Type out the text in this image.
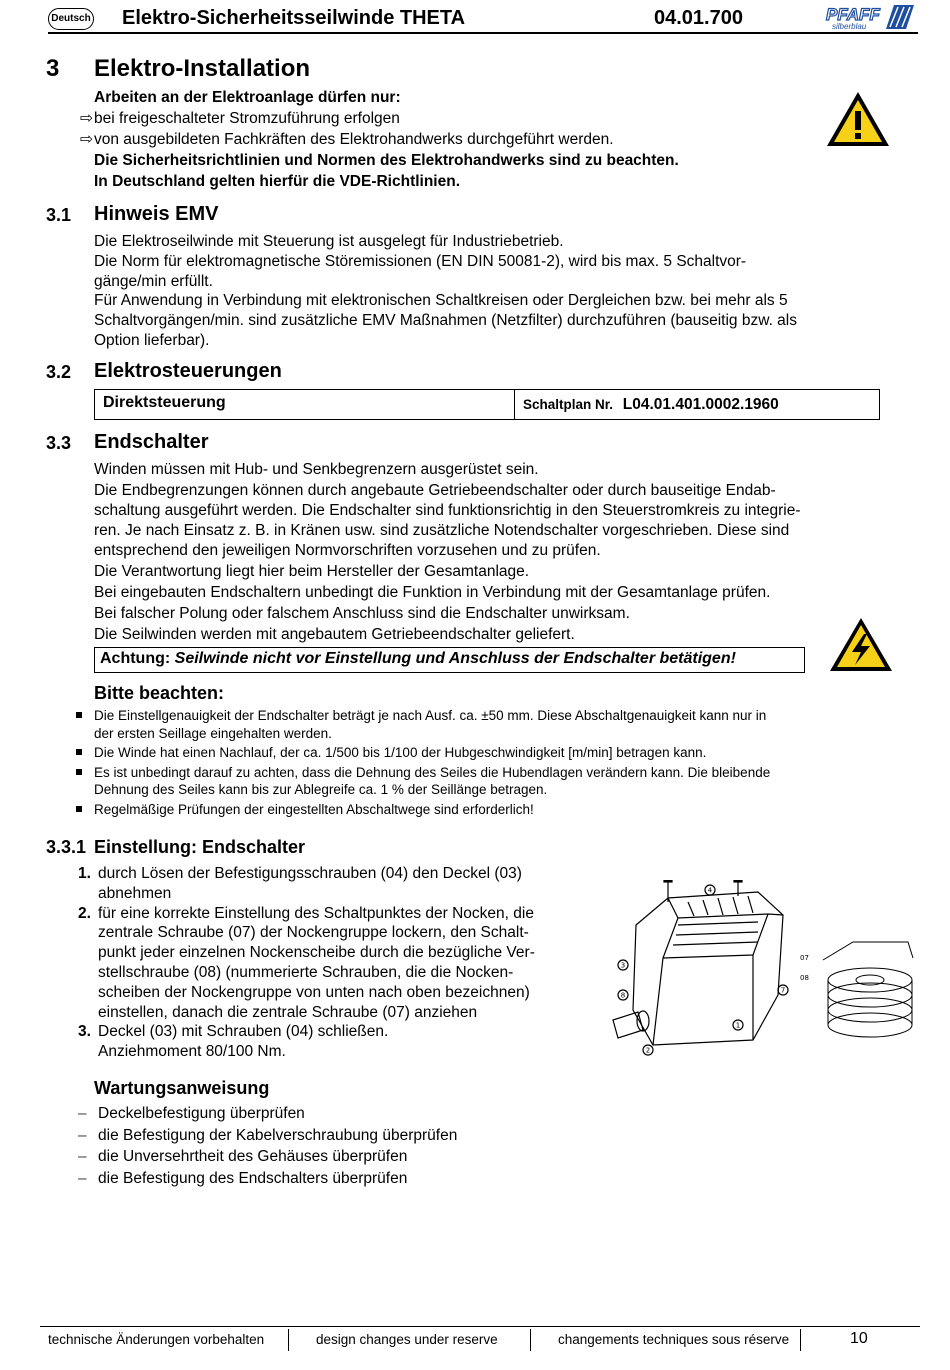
Deutsch Elektro-Sicherheitsseilwinde THETA	04.01.700	PFAFF
silberblau
3 Elektro-Installation
Arbeiten an der Elektroanlage dürfen nur:
⇨bei freigeschalteter Stromzuführung erfolgen
⇨von ausgebildeten Fachkräften des Elektrohandwerks durchgeführt werden.
Die Sicherheitsrichtlinien und Normen des Elektrohandwerks sind zu beachten.
In Deutschland gelten hierfür die VDE-Richtlinien.
3.1 Hinweis EMV
Die Elektroseilwinde mit Steuerung ist ausgelegt für Industriebetrieb.
Die Norm für elektromagnetische Störemissionen (EN DIN 50081-2), wird bis max. 5 Schaltvor-
gänge/min erfüllt.
Für Anwendung in Verbindung mit elektronischen Schaltkreisen oder Dergleichen bzw. bei mehr als 5
Schaltvorgängen/min. sind zusätzliche EMV Maßnahmen (Netzfilter) durchzuführen (bauseitig bzw. als
Option lieferbar).
3.2 Elektrosteuerungen
Direktsteuerung	Schaltplan Nr. L04.01.401.0002.1960
3.3 Endschalter
Winden müssen mit Hub- und Senkbegrenzern ausgerüstet sein.
Die Endbegrenzungen können durch angebaute Getriebeendschalter oder durch bauseitige Endab-
schaltung ausgeführt werden. Die Endschalter sind funktionsrichtig in den Steuerstromkreis zu integrie-
ren. Je nach Einsatz z. B. in Kränen usw. sind zusätzliche Notendschalter vorgeschrieben. Diese sind
entsprechend den jeweiligen Normvorschriften vorzusehen und zu prüfen.
Die Verantwortung liegt hier beim Hersteller der Gesamtanlage.
Bei eingebauten Endschaltern unbedingt die Funktion in Verbindung mit der Gesamtanlage prüfen.
Bei falscher Polung oder falschem Anschluss sind die Endschalter unwirksam.
Die Seilwinden werden mit angebautem Getriebeendschalter geliefert.
Achtung: Seilwinde nicht vor Einstellung und Anschluss der Endschalter betätigen!
Bitte beachten:
Die Einstellgenauigkeit der Endschalter beträgt je nach Ausf. ca. ±50 mm. Diese Abschaltgenauigkeit kann nur in
der ersten Seillage eingehalten werden.
Die Winde hat einen Nachlauf, der ca. 1/500 bis 1/100 der Hubgeschwindigkeit [m/min] betragen kann.
Es ist unbedingt darauf zu achten, dass die Dehnung des Seiles die Hubendlagen verändern kann. Die bleibende
Dehnung des Seiles kann bis zur Ablegreife ca. 1 % der Seillänge betragen.
Regelmäßige Prüfungen der eingestellten Abschaltwege sind erforderlich!
3.3.1 Einstellung: Endschalter
1. durch Lösen der Befestigungsschrauben (04) den Deckel (03)
abnehmen
2. für eine korrekte Einstellung des Schaltpunktes der Nocken, die
zentrale Schraube (07) der Nockengruppe lockern, den Schalt-
punkt jeder einzelnen Nockenscheibe durch die bezügliche Ver-
stellschraube (08) (nummerierte Schrauben, die die Nocken-
scheiben der Nockengruppe von unten nach oben bezeichnen)
einstellen, danach die zentrale Schraube (07) anziehen
3. Deckel (03) mit Schrauben (04) schließen.
Anziehmoment 80/100 Nm.
4
3
8
7
2
1
07
08
Wartungsanweisung
– Deckelbefestigung überprüfen
– die Befestigung der Kabelverschraubung überprüfen
– die Unversehrtheit des Gehäuses überprüfen
– die Befestigung des Endschalters überprüfen
technische Änderungen vorbehalten	design changes under reserve	changements techniques sous réserve	10
